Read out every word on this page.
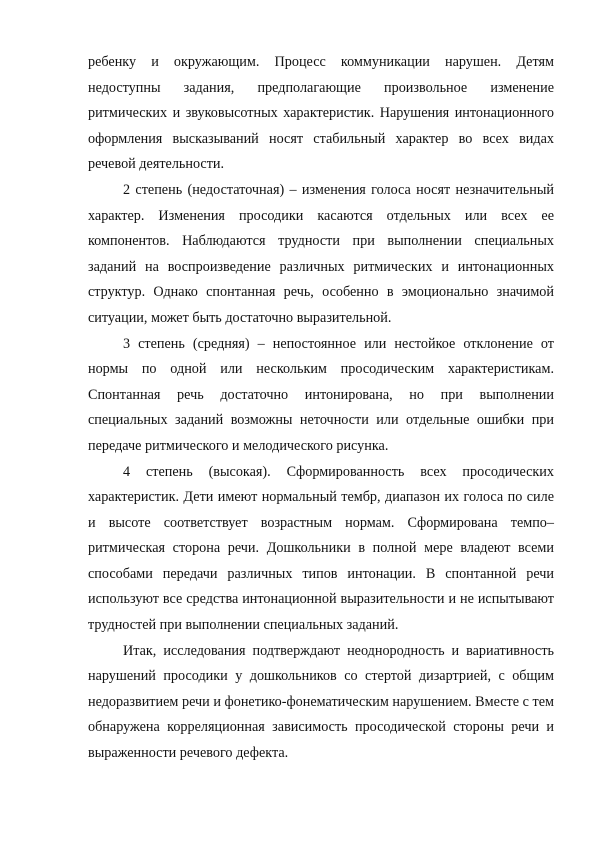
ребенку и окружающим. Процесс коммуникации нарушен. Детям недоступны задания, предполагающие произвольное изменение ритмических и звуковысотных характеристик. Нарушения интонационного оформления высказываний носят стабильный характер во всех видах речевой деятельности.

2 степень (недостаточная) – изменения голоса носят незначительный характер. Изменения просодики касаются отдельных или всех ее компонентов. Наблюдаются трудности при выполнении специальных заданий на воспроизведение различных ритмических и интонационных структур. Однако спонтанная речь, особенно в эмоционально значимой ситуации, может быть достаточно выразительной.

3 степень (средняя) – непостоянное или нестойкое отклонение от нормы по одной или нескольким просодическим характеристикам. Спонтанная речь достаточно интонирована, но при выполнении специальных заданий возможны неточности или отдельные ошибки при передаче ритмического и мелодического рисунка.

4 степень (высокая). Сформированность всех просодических характеристик. Дети имеют нормальный тембр, диапазон их голоса по силе и высоте соответствует возрастным нормам. Сформирована темпо–ритмическая сторона речи. Дошкольники в полной мере владеют всеми способами передачи различных типов интонации. В спонтанной речи используют все средства интонационной выразительности и не испытывают трудностей при выполнении специальных заданий.

Итак, исследования подтверждают неоднородность и вариативность нарушений просодики у дошкольников со стертой дизартрией, с общим недоразвитием речи и фонетико-фонематическим нарушением. Вместе с тем обнаружена корреляционная зависимость просодической стороны речи и выраженности речевого дефекта.
